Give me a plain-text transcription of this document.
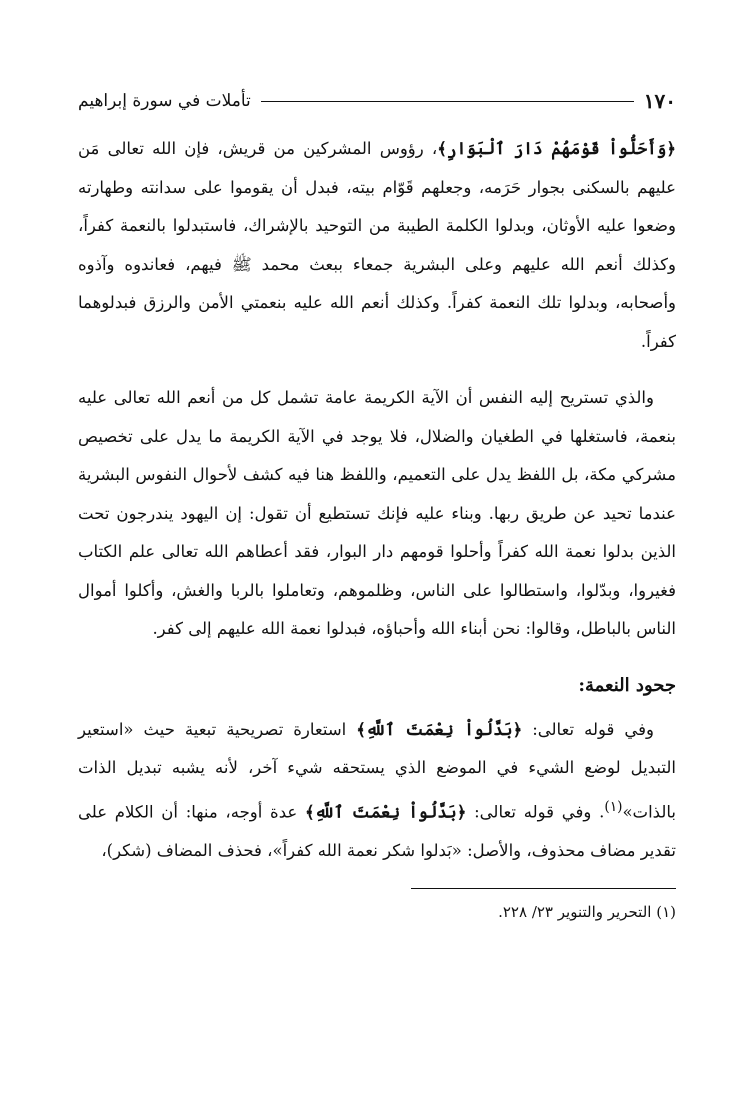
١٧٠
تأملات في سورة إبراهيم

﴿وَأَحَلُّواْ قَوْمَهُمْ دَارَ ٱلْبَوَارِ﴾، رؤوس المشركين من قريش، فإن الله تعالى مَن عليهم بالسكنى بجوار حَرَمه، وجعلهم قَوّام بيته، فبدل أن يقوموا على سدانته وطهارته وضعوا عليه الأوثان، وبدلوا الكلمة الطيبة من التوحيد بالإشراك، فاستبدلوا بالنعمة كفراً، وكذلك أنعم الله عليهم وعلى البشرية جمعاء ببعث محمد ﷺ فيهم، فعاندوه وآذوه وأصحابه، وبدلوا تلك النعمة كفراً. وكذلك أنعم الله عليه بنعمتي الأمن والرزق فبدلوهما كفراً.

والذي تستريح إليه النفس أن الآية الكريمة عامة تشمل كل من أنعم الله تعالى عليه بنعمة، فاستغلها في الطغيان والضلال، فلا يوجد في الآية الكريمة ما يدل على تخصيص مشركي مكة، بل اللفظ يدل على التعميم، واللفظ هنا فيه كشف لأحوال النفوس البشرية عندما تحيد عن طريق ربها. وبناء عليه فإنك تستطيع أن تقول: إن اليهود يندرجون تحت الذين بدلوا نعمة الله كفراً وأحلوا قومهم دار البوار، فقد أعطاهم الله تعالى علم الكتاب فغيروا، وبدّلوا، واستطالوا على الناس، وظلموهم، وتعاملوا بالربا والغش، وأكلوا أموال الناس بالباطل، وقالوا: نحن أبناء الله وأحباؤه، فبدلوا نعمة الله عليهم إلى كفر.

جحود النعمة:

وفي قوله تعالى: ﴿بَدَّلُواْ نِعْمَتَ ٱللَّهِ﴾ استعارة تصريحية تبعية حيث «استعير التبديل لوضع الشيء في الموضع الذي يستحقه شيء آخر، لأنه يشبه تبديل الذات بالذات»$^{(١)}$. وفي قوله تعالى: ﴿بَدَّلُواْ نِعْمَتَ ٱللَّهِ﴾ عدة أوجه، منها: أن الكلام على تقدير مضاف محذوف، والأصل: «بَدلوا شكر نعمة الله كفراً»، فحذف المضاف (شكر)،

(١) التحرير والتنوير ٢٣/ ٢٢٨.
